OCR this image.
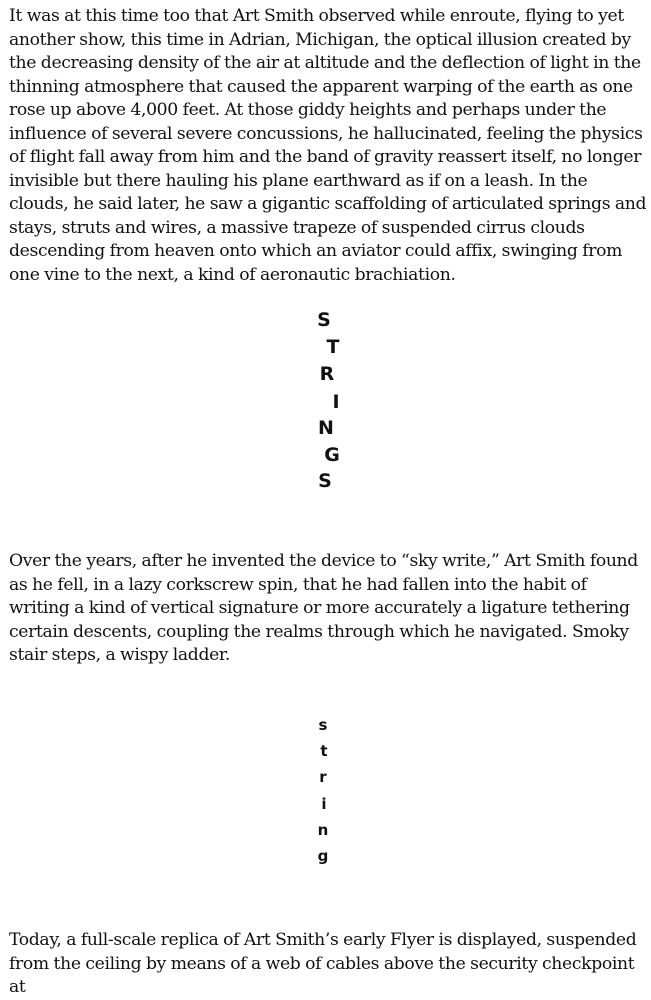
It was at this time too that Art Smith observed while enroute, flying to yet another show, this time in Adrian, Michigan, the optical illusion created by the decreasing density of the air at altitude and the deflection of light in the thinning atmosphere that caused the apparent warping of the earth as one rose up above 4,000 feet. At those giddy heights and perhaps under the influence of several severe concussions, he hallucinated, feeling the physics of flight fall away from him and the band of gravity reassert itself, no longer invisible but there hauling his plane earthward as if on a leash. In the clouds, he said later, he saw a gigantic scaffolding of articulated springs and stays, struts and wires, a massive trapeze of suspended cirrus clouds descending from heaven onto which an aviator could affix, swinging from one vine to the next, a kind of aeronautic brachiation.

S
T
R
I
N
G
S

Over the years, after he invented the device to “sky write,” Art Smith found as he fell, in a lazy corkscrew spin, that he had fallen into the habit of writing a kind of vertical signature or more accurately a ligature tethering certain descents, coupling the realms through which he navigated. Smoky stair steps, a wispy ladder.

s
t
r
i
n
g

Today, a full-scale replica of Art Smith’s early Flyer is displayed, suspended from the ceiling by means of a web of cables above the security checkpoint at
